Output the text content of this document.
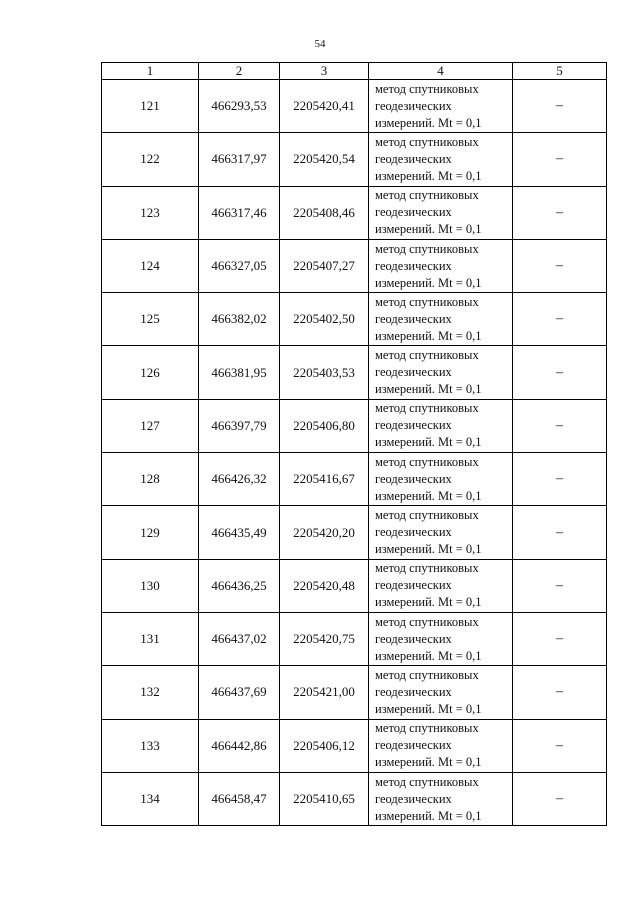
54
1	2	3	4	5
121	466293,53	2205420,41	метод спутниковых
геодезических
измерений. Mt = 0,1	–
122	466317,97	2205420,54	метод спутниковых
геодезических
измерений. Mt = 0,1	–
123	466317,46	2205408,46	метод спутниковых
геодезических
измерений. Mt = 0,1	–
124	466327,05	2205407,27	метод спутниковых
геодезических
измерений. Mt = 0,1	–
125	466382,02	2205402,50	метод спутниковых
геодезических
измерений. Mt = 0,1	–
126	466381,95	2205403,53	метод спутниковых
геодезических
измерений. Mt = 0,1	–
127	466397,79	2205406,80	метод спутниковых
геодезических
измерений. Mt = 0,1	–
128	466426,32	2205416,67	метод спутниковых
геодезических
измерений. Mt = 0,1	–
129	466435,49	2205420,20	метод спутниковых
геодезических
измерений. Mt = 0,1	–
130	466436,25	2205420,48	метод спутниковых
геодезических
измерений. Mt = 0,1	–
131	466437,02	2205420,75	метод спутниковых
геодезических
измерений. Mt = 0,1	–
132	466437,69	2205421,00	метод спутниковых
геодезических
измерений. Mt = 0,1	–
133	466442,86	2205406,12	метод спутниковых
геодезических
измерений. Mt = 0,1	–
134	466458,47	2205410,65	метод спутниковых
геодезических
измерений. Mt = 0,1	–
